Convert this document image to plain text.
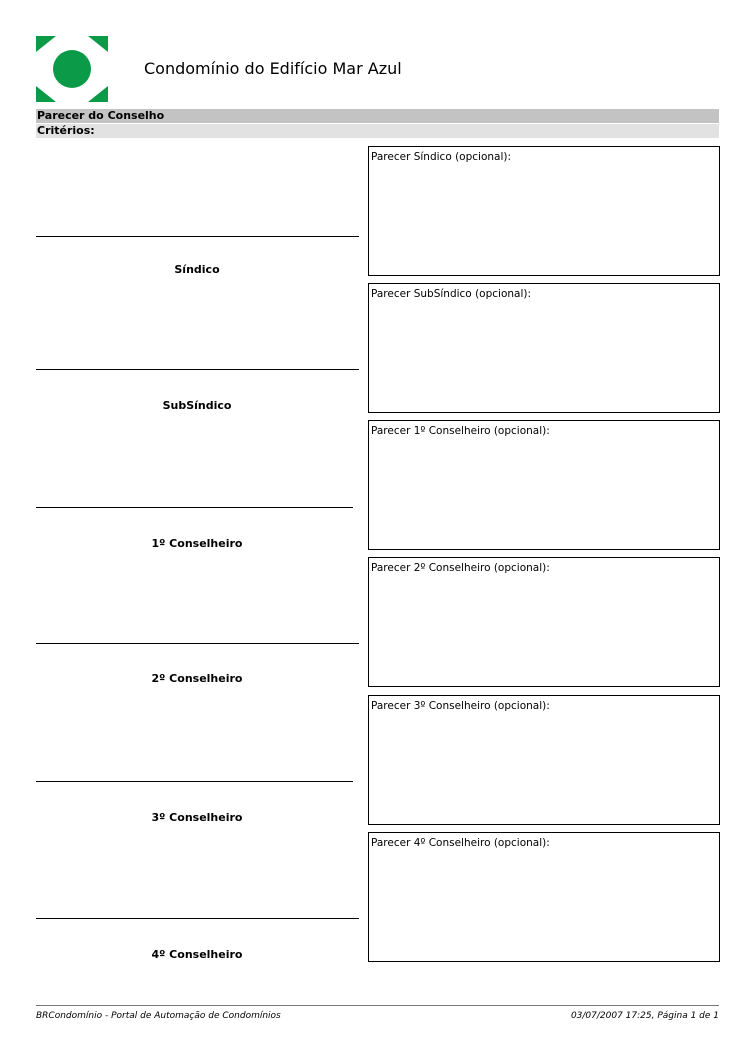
Condomínio do Edifício Mar Azul
Parecer do Conselho
Critérios:
Síndico
SubSíndico
1º Conselheiro
2º Conselheiro
3º Conselheiro
4º Conselheiro
Parecer Síndico (opcional):
Parecer SubSíndico (opcional):
Parecer 1º Conselheiro (opcional):
Parecer 2º Conselheiro (opcional):
Parecer 3º Conselheiro (opcional):
Parecer 4º Conselheiro (opcional):
BRCondomínio - Portal de Automação de Condomínios	03/07/2007 17:25, Página 1 de 1
